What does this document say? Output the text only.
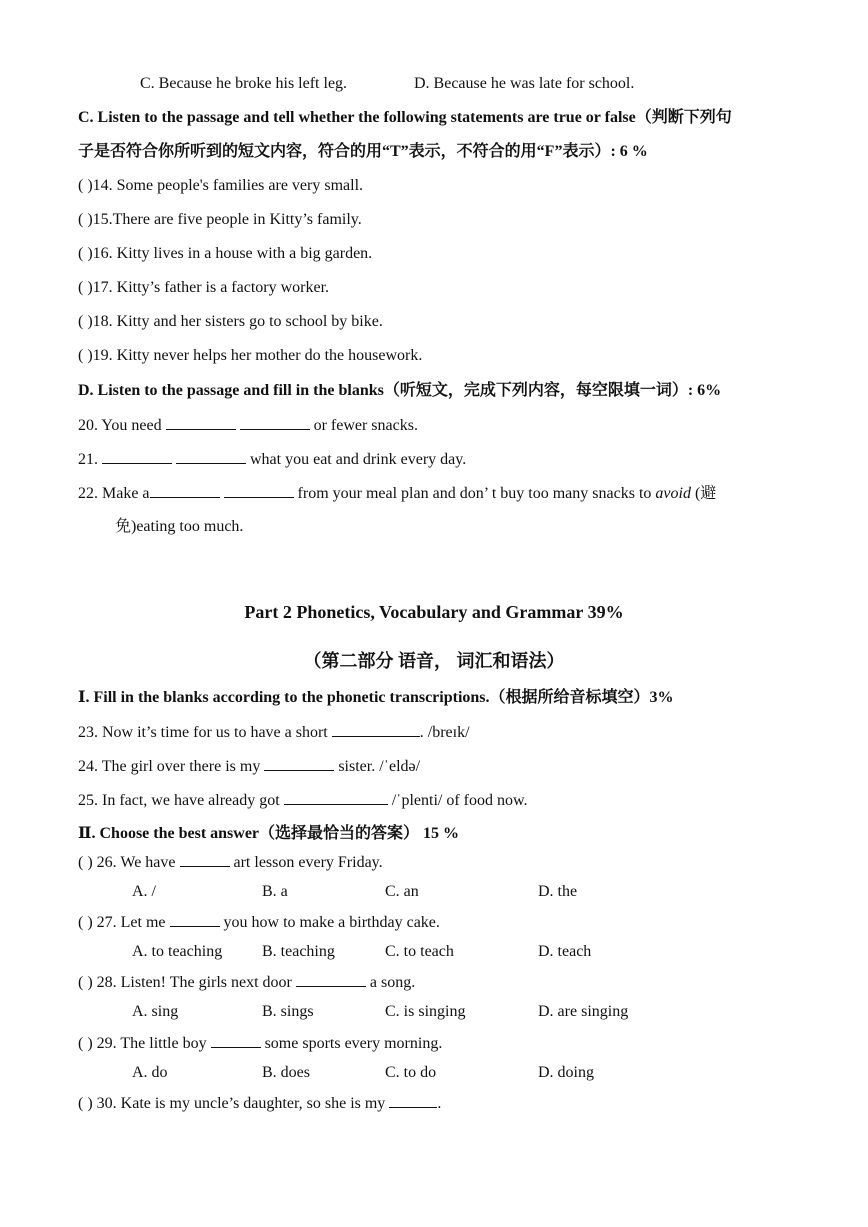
C. Because he broke his left leg.	D. Because he was late for school.
C. Listen to the passage and tell whether the following statements are true or false（判断下列句
子是否符合你所听到的短文内容，符合的用“T”表示，不符合的用“F”表示）: 6 %
( )14. Some people's families are very small.
( )15.There are five people in Kitty’s family.
( )16. Kitty lives in a house with a big garden.
( )17. Kitty’s father is a factory worker.
( )18. Kitty and her sisters go to school by bike.
( )19. Kitty never helps her mother do the housework.
D. Listen to the passage and fill in the blanks（听短文，完成下列内容，每空限填一词）: 6%
20. You need	or fewer snacks.
21.	what you eat and drink every day.
22. Make a	from your meal plan and don’ t buy too many snacks to avoid (避
免)eating too much.
Part 2 Phonetics, Vocabulary and Grammar 39%
（第二部分 语音， 词汇和语法）
Ⅰ. Fill in the blanks according to the phonetic transcriptions.（根据所给音标填空）3%
23. Now it’s time for us to have a short	. /breɪk/
24. The girl over there is my	sister. /ˈeldə/
25. In fact, we have already got	/ˈplenti/ of food now.
Ⅱ. Choose the best answer（选择最恰当的答案） 15 %
( ) 26. We have	art lesson every Friday.
A. /	B. a	C. an	D. the
( ) 27. Let me	you how to make a birthday cake.
A. to teaching B. teaching	C. to teach	D. teach
( ) 28. Listen! The girls next door	a song.
A. sing	B. sings	C. is singing	D. are singing
( ) 29. The little boy	some sports every morning.
A. do	B. does	C. to do	D. doing
( ) 30. Kate is my uncle’s daughter, so she is my	.
